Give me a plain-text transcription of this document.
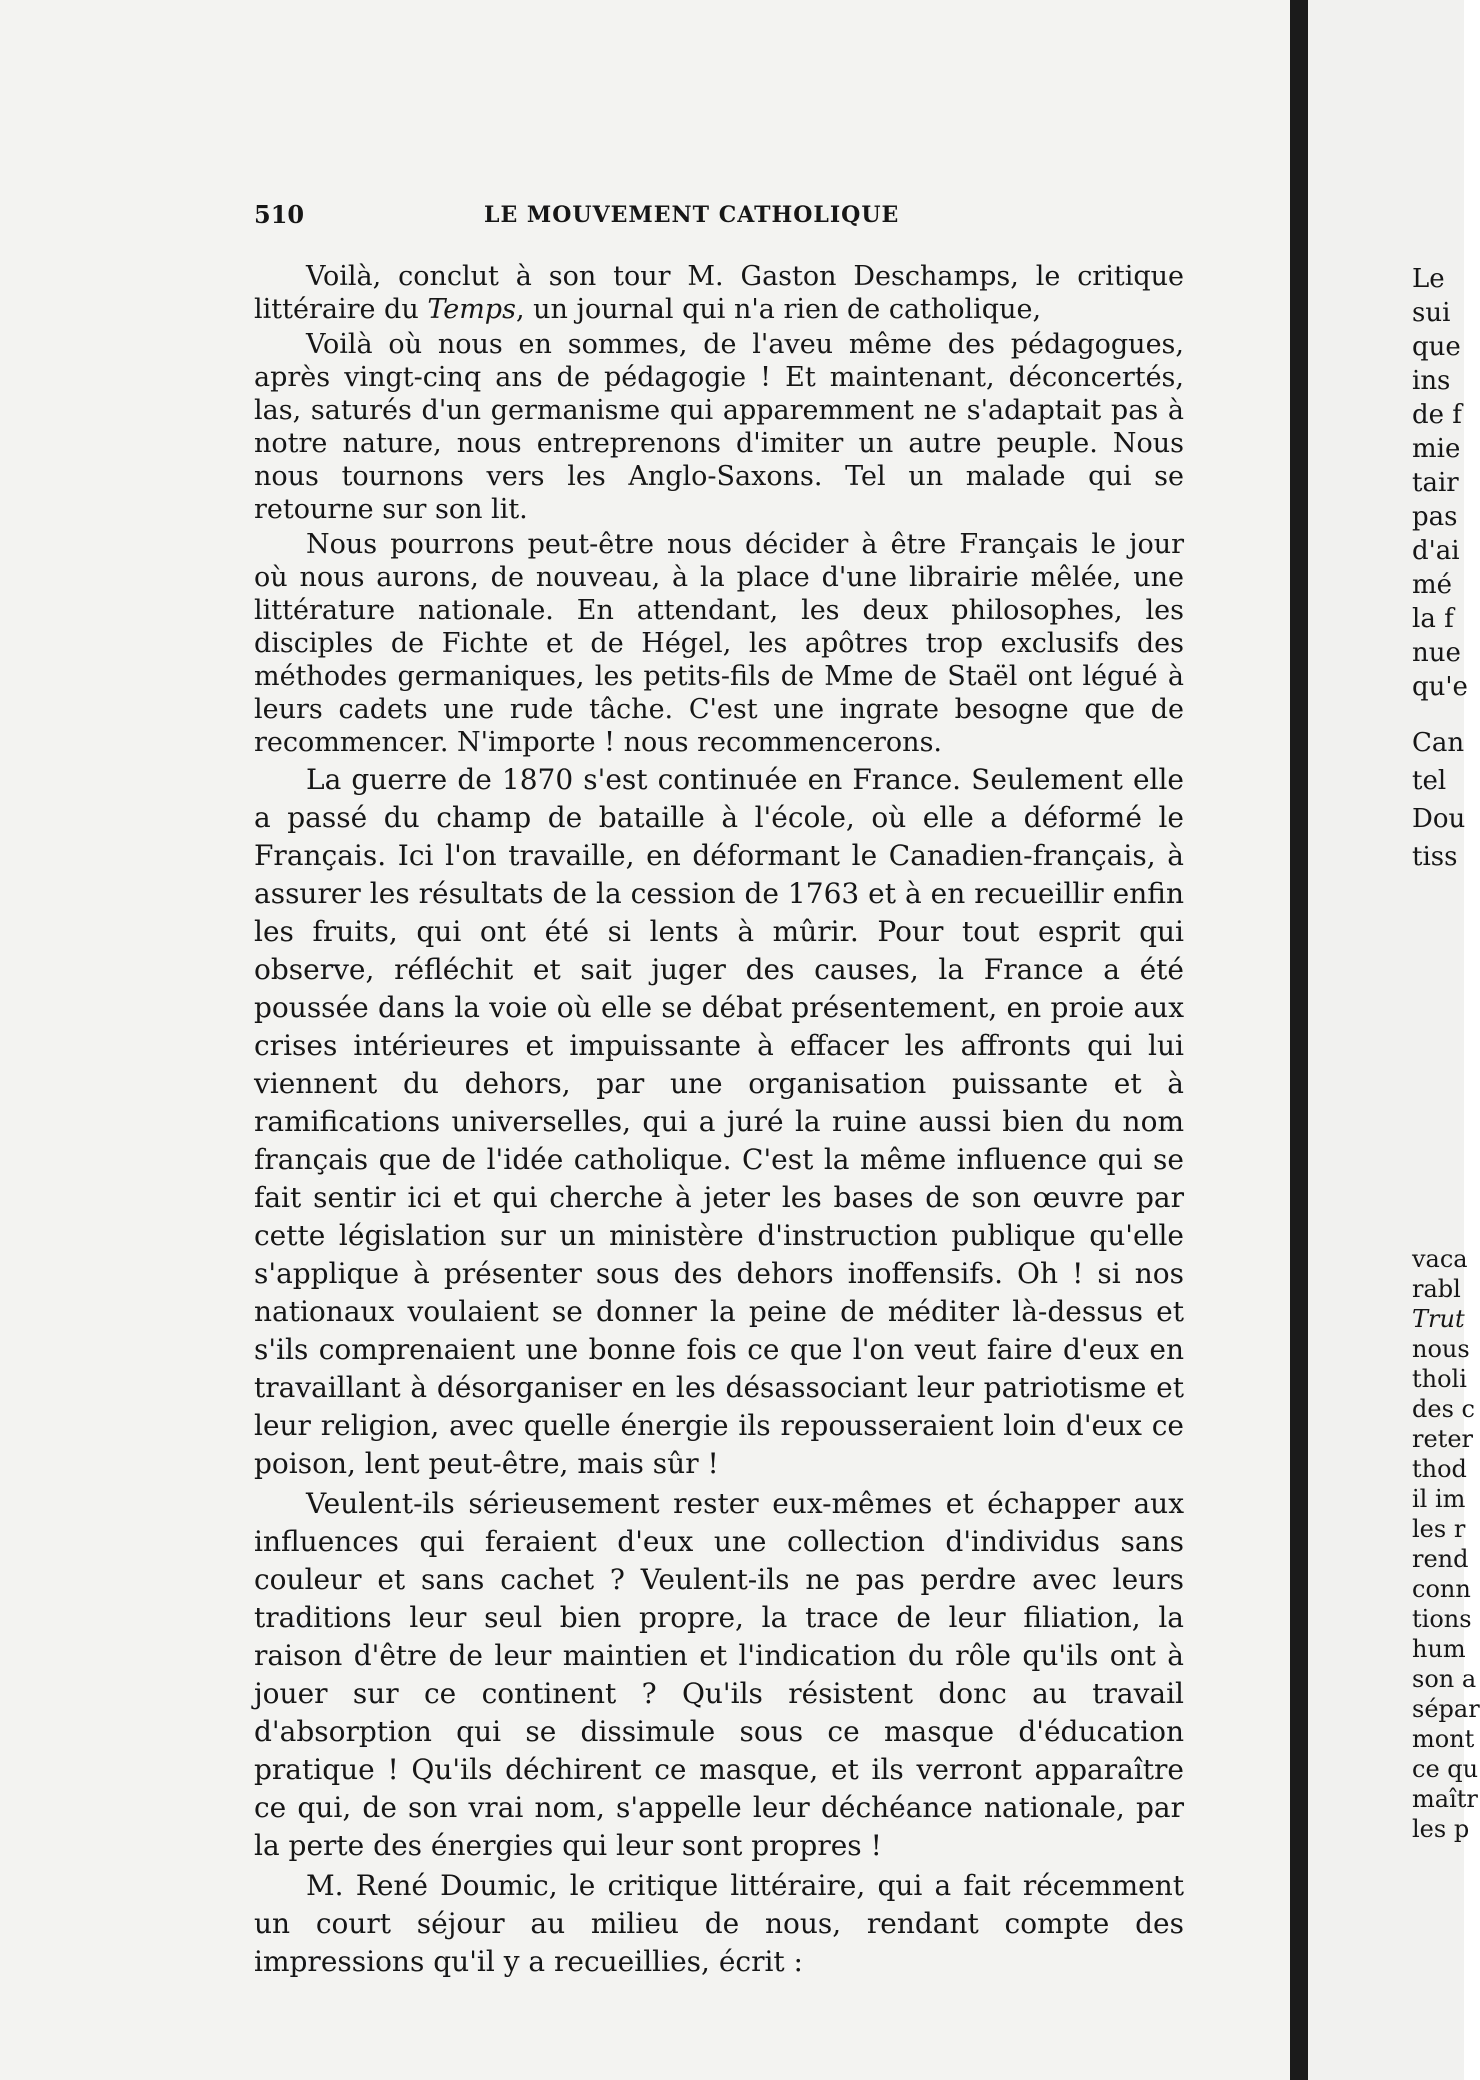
510	LE MOUVEMENT CATHOLIQUE

Voilà, conclut à son tour M. Gaston Deschamps, le critique littéraire du Temps, un journal qui n'a rien de catholique,

Voilà où nous en sommes, de l'aveu même des pédagogues, après vingt-cinq ans de pédagogie ! Et maintenant, déconcertés, las, saturés d'un germanisme qui apparemment ne s'adaptait pas à notre nature, nous entreprenons d'imiter un autre peuple. Nous nous tournons vers les Anglo-Saxons. Tel un malade qui se retourne sur son lit.

Nous pourrons peut-être nous décider à être Français le jour où nous aurons, de nouveau, à la place d'une librairie mêlée, une littérature nationale. En attendant, les deux philosophes, les disciples de Fichte et de Hégel, les apôtres trop exclusifs des méthodes germaniques, les petits-fils de Mme de Staël ont légué à leurs cadets une rude tâche. C'est une ingrate besogne que de recommencer. N'importe ! nous recommencerons.

La guerre de 1870 s'est continuée en France. Seulement elle a passé du champ de bataille à l'école, où elle a déformé le Français. Ici l'on travaille, en déformant le Canadien-français, à assurer les résultats de la cession de 1763 et à en recueillir enfin les fruits, qui ont été si lents à mûrir. Pour tout esprit qui observe, réfléchit et sait juger des causes, la France a été poussée dans la voie où elle se débat présentement, en proie aux crises intérieures et impuissante à effacer les affronts qui lui viennent du dehors, par une organisation puissante et à ramifications universelles, qui a juré la ruine aussi bien du nom français que de l'idée catholique. C'est la même influence qui se fait sentir ici et qui cherche à jeter les bases de son œuvre par cette législation sur un ministère d'instruction publique qu'elle s'applique à présenter sous des dehors inoffensifs. Oh ! si nos nationaux voulaient se donner la peine de méditer là-dessus et s'ils comprenaient une bonne fois ce que l'on veut faire d'eux en travaillant à désorganiser en les désassociant leur patriotisme et leur religion, avec quelle énergie ils repousseraient loin d'eux ce poison, lent peut-être, mais sûr !

Veulent-ils sérieusement rester eux-mêmes et échapper aux influences qui feraient d'eux une collection d'individus sans couleur et sans cachet ? Veulent-ils ne pas perdre avec leurs traditions leur seul bien propre, la trace de leur filiation, la raison d'être de leur maintien et l'indication du rôle qu'ils ont à jouer sur ce continent ? Qu'ils résistent donc au travail d'absorption qui se dissimule sous ce masque d'éducation pratique ! Qu'ils déchirent ce masque, et ils verront apparaître ce qui, de son vrai nom, s'appelle leur déchéance nationale, par la perte des énergies qui leur sont propres !

M. René Doumic, le critique littéraire, qui a fait récemment un court séjour au milieu de nous, rendant compte des impressions qu'il y a recueillies, écrit :

Le
sui
que
ins
de f
mie
tair
pas
d'ai
mé
la f
nue
qu'e
Can
tel
Dou
tiss
vaca
rabl
Trut
nous
tholi
des c
reter
thod
il im
les r
rend
conn
tions
hum
son a
sépar
mont
ce qu
maîtr
les p
